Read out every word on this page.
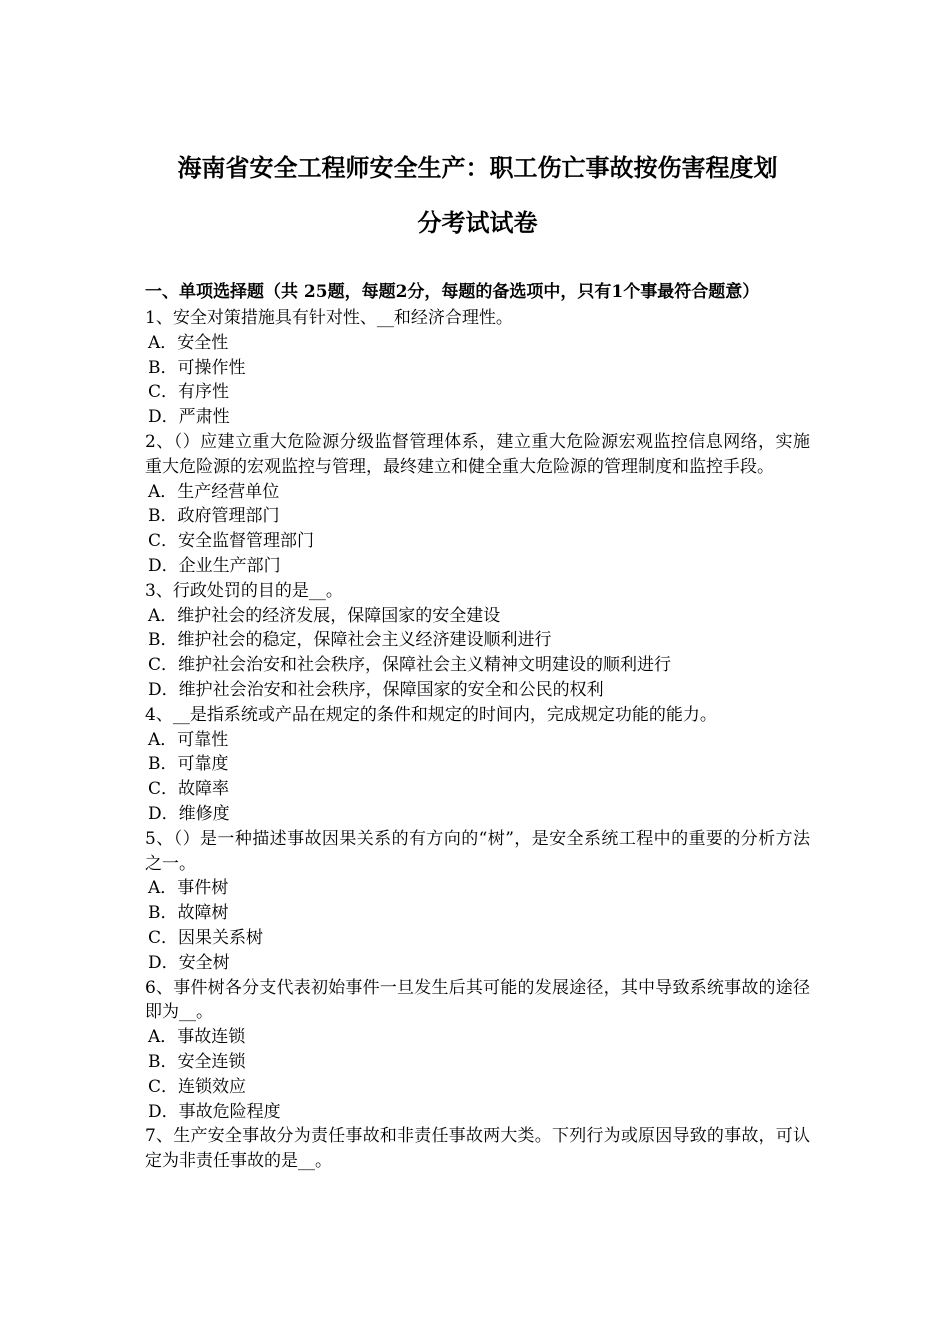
海南省安全工程师安全生产：职工伤亡事故按伤害程度划
分考试试卷
一、单项选择题（共 25题，每题2分，每题的备选项中，只有1个事最符合题意）
1、安全对策措施具有针对性、__和经济合理性。
A．安全性
B．可操作性
C．有序性
D．严肃性
2、（）应建立重大危险源分级监督管理体系，建立重大危险源宏观监控信息网络，实施重大危险源的宏观监控与管理，最终建立和健全重大危险源的管理制度和监控手段。
A．生产经营单位
B．政府管理部门
C．安全监督管理部门
D．企业生产部门
3、行政处罚的目的是__。
A．维护社会的经济发展，保障国家的安全建设
B．维护社会的稳定，保障社会主义经济建设顺利进行
C．维护社会治安和社会秩序，保障社会主义精神文明建设的顺利进行
D．维护社会治安和社会秩序，保障国家的安全和公民的权利
4、__是指系统或产品在规定的条件和规定的时间内，完成规定功能的能力。
A．可靠性
B．可靠度
C．故障率
D．维修度
5、（）是一种描述事故因果关系的有方向的“树”，是安全系统工程中的重要的分析方法之一。
A．事件树
B．故障树
C．因果关系树
D．安全树
6、事件树各分支代表初始事件一旦发生后其可能的发展途径，其中导致系统事故的途径即为__。
A．事故连锁
B．安全连锁
C．连锁效应
D．事故危险程度
7、生产安全事故分为责任事故和非责任事故两大类。下列行为或原因导致的事故，可认定为非责任事故的是__。
